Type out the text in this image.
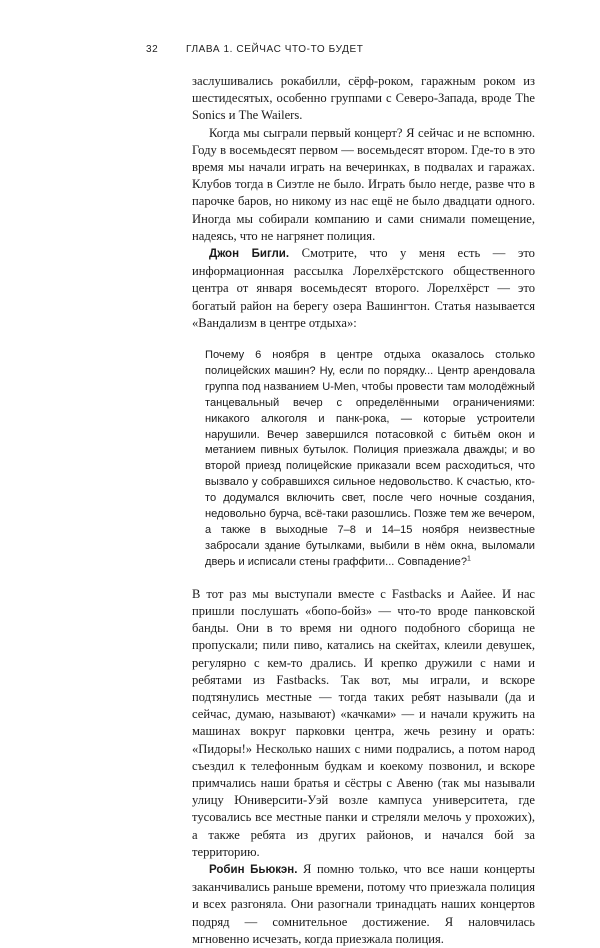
32	ГЛАВА 1. СЕЙЧАС ЧТО-ТО БУДЕТ

заслушивались рокабилли, сёрф-роком, гаражным роком из шестидесятых, особенно группами с Северо-Запада, вроде The Sonics и The Wailers.

Когда мы сыграли первый концерт? Я сейчас и не вспомню. Году в восемьдесят первом — восемьдесят втором. Где-то в это время мы начали играть на вечеринках, в подвалах и гаражах. Клубов тогда в Сиэтле не было. Играть было негде, разве что в парочке баров, но никому из нас ещё не было двадцати одного. Иногда мы собирали компанию и сами снимали помещение, надеясь, что не нагрянет полиция.

Джон Бигли. Смотрите, что у меня есть — это информационная рассылка Лорелхёрстского общественного центра от января восемьдесят второго. Лорелхёрст — это богатый район на берегу озера Вашингтон. Статья называется «Вандализм в центре отдыха»:

Почему 6 ноября в центре отдыха оказалось столько полицейских машин? Ну, если по порядку... Центр арендовала группа под названием U-Men, чтобы провести там молодёжный танцевальный вечер с определёнными ограничениями: никакого алкоголя и панк-рока, — которые устроители нарушили. Вечер завершился потасовкой с битьём окон и метанием пивных бутылок. Полиция приезжала дважды; и во второй приезд полицейские приказали всем расходиться, что вызвало у собравшихся сильное недовольство. К счастью, кто-то додумался включить свет, после чего ночные создания, недовольно бурча, всё-таки разошлись. Позже тем же вечером, а также в выходные 7–8 и 14–15 ноября неизвестные забросали здание бутылками, выбили в нём окна, выломали дверь и исписали стены граффити... Совпадение?$^1$

В тот раз мы выступали вместе с Fastbacks и Аайее. И нас пришли послушать «бопо-бойз» — что-то вроде панковской банды. Они в то время ни одного подобного сборища не пропускали; пили пиво, катались на скейтах, клеили девушек, регулярно с кем-то дрались. И крепко дружили с нами и ребятами из Fastbacks. Так вот, мы играли, и вскоре подтянулись местные — тогда таких ребят называли (да и сейчас, думаю, называют) «качками» — и начали кружить на машинах вокруг парковки центра, жечь резину и орать: «Пидоры!» Несколько наших с ними подрались, а потом народ съездил к телефонным будкам и коекому позвонил, и вскоре примчались наши братья и сёстры с Авеню (так мы называли улицу Юниверсити-Уэй возле кампуса университета, где тусовались все местные панки и стреляли мелочь у прохожих), а также ребята из других районов, и начался бой за территорию.

Робин Бьюкэн. Я помню только, что все наши концерты заканчивались раньше времени, потому что приезжала полиция и всех разгоняла. Они разогнали тринадцать наших концертов подряд — сомнительное достижение. Я наловчилась мгновенно исчезать, когда приезжала полиция.
